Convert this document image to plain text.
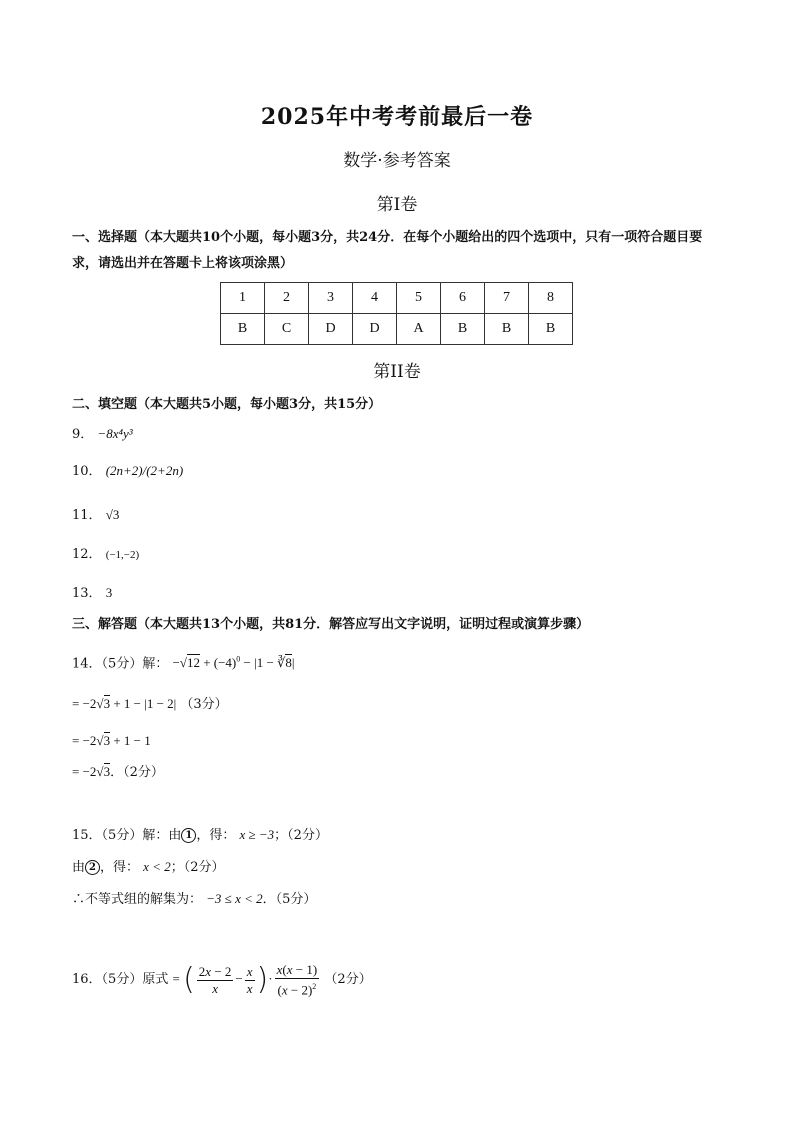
2025年中考考前最后一卷
数学·参考答案
第Ⅰ卷
一、选择题（本大题共10个小题，每小题3分，共24分．在每个小题给出的四个选项中，只有一项符合题目要求，请选出并在答题卡上将该项涂黑）
1	2	3	4	5	6	7	8
B	C	D	D	A	B	B	B
第II卷
二、填空题（本大题共5小题，每小题3分，共15分）
9． −8x⁴y³
10． (2n+2)/(2+2n)
11． √3
12． (−1,−2)
13． 3
三、解答题（本大题共13个小题，共81分．解答应写出文字说明，证明过程或演算步骤）
14．（5分）解： $-√12 + (-4)^0 - |1$ − ∛8|
= −2√3 + 1 − |1 − 2| （3分）
= −2√3 + 1 − 1
= −2√3．（2分）
15．（5分）解：由 1 ，得： x ≥ −3；（2分）
由 2 ，得： x < 2；（2分）
∴不等式组的解集为： −3 ≤ x < 2．（5分）
16．（5分）原式 = ( $\frac{2x - 2}{x} - \frac{x}{x}$ )· $\frac{x(x - 1)}{(x - 2)^2} (2$分）
